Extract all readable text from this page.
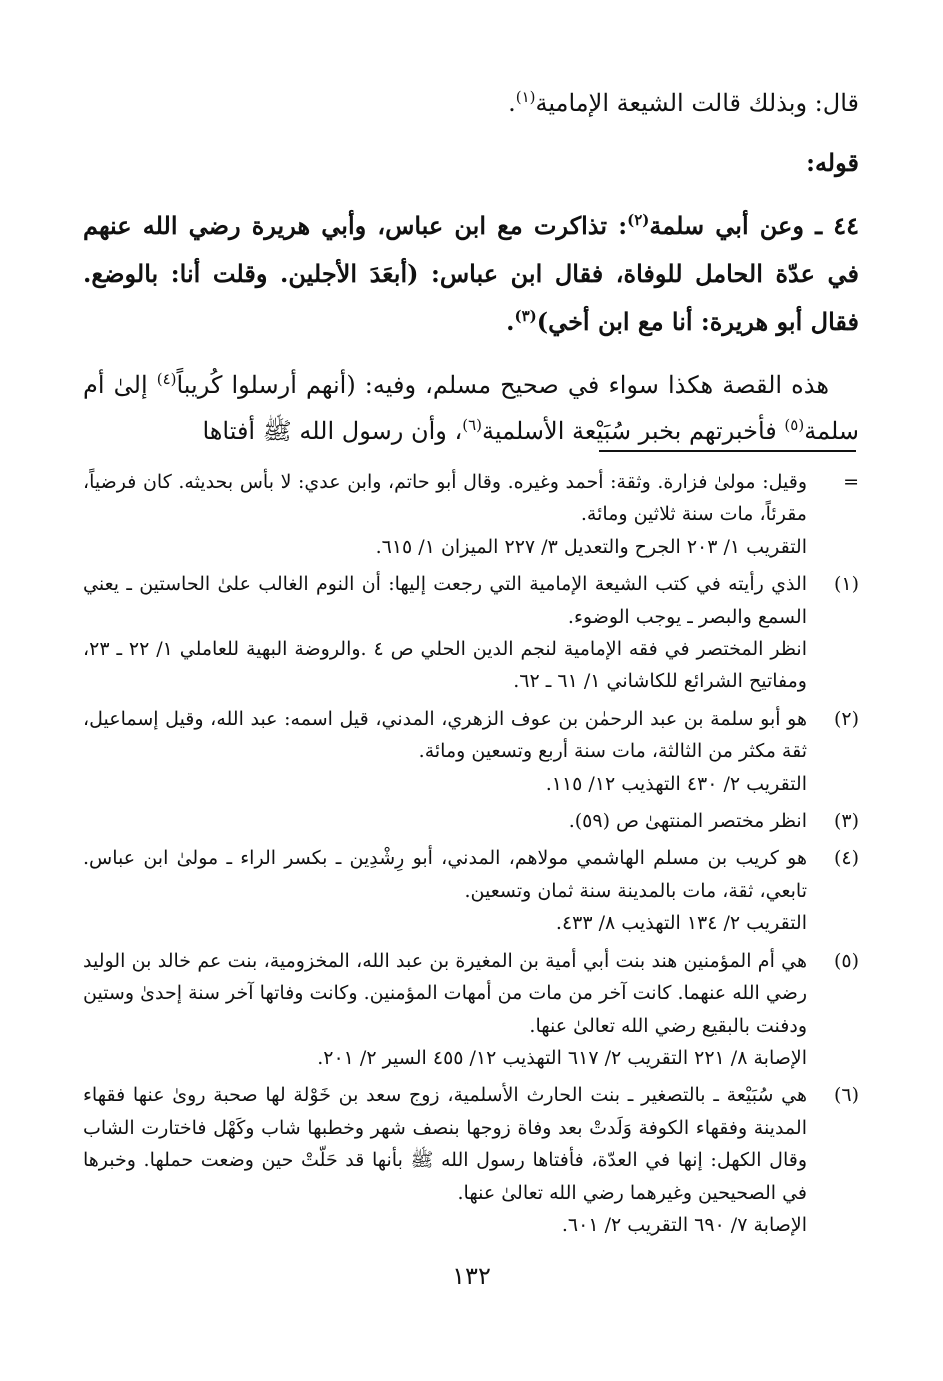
قال: وبذلك قالت الشيعة الإمامية$^{(١)}$.

قوله:

٤٤ ـ وعن أبي سلمة$^{(٢)}$: تذاكرت مع ابن عباس، وأبي هريرة رضي الله عنهم في عدّة الحامل للوفاة، فقال ابن عباس: (أبعَدَ الأجلين. وقلت أنا: بالوضع. فقال أبو هريرة: أنا مع ابن أخي)$^{(٣)}$.

هذه القصة هكذا سواء في صحيح مسلم، وفيه: (أنهم أرسلوا كُريباً$^{(٤)}$ إلىٰ أم سلمة$^{(٥)}$ فأخبرتهم بخبر سُبَيْعة الأسلمية$^{(٦)}$، وأن رسول الله ﷺ أفتاها

=
وقيل: مولىٰ فزارة. وثقة: أحمد وغيره. وقال أبو حاتم، وابن عدي: لا بأس بحديثه. كان فرضياً، مقرئاً، مات سنة ثلاثين ومائة.
التقريب ١/ ٢٠٣ الجرح والتعديل ٣/ ٢٢٧ الميزان ١/ ٦١٥.
(١)
الذي رأيته في كتب الشيعة الإمامية التي رجعت إليها: أن النوم الغالب علىٰ الحاستين ـ يعني السمع والبصر ـ يوجب الوضوء.
انظر المختصر في فقه الإمامية لنجم الدين الحلي ص ٤ .والروضة البهية للعاملي ١/ ٢٢ ـ ٢٣، ومفاتيح الشرائع للكاشاني ١/ ٦١ ـ ٦٢.
(٢)
هو أبو سلمة بن عبد الرحمٰن بن عوف الزهري، المدني، قيل اسمه: عبد الله، وقيل إسماعيل، ثقة مكثر من الثالثة، مات سنة أربع وتسعين ومائة.
التقريب ٢/ ٤٣٠ التهذيب ١٢/ ١١٥.
(٣)
انظر مختصر المنتهىٰ ص (٥٩).
(٤)
هو كريب بن مسلم الهاشمي مولاهم، المدني، أبو رِشْدِين ـ بكسر الراء ـ مولىٰ ابن عباس. تابعي، ثقة، مات بالمدينة سنة ثمان وتسعين.
التقريب ٢/ ١٣٤ التهذيب ٨/ ٤٣٣.
(٥)
هي أم المؤمنين هند بنت أبي أمية بن المغيرة بن عبد الله، المخزومية، بنت عم خالد بن الوليد رضي الله عنهما. كانت آخر من مات من أمهات المؤمنين. وكانت وفاتها آخر سنة إحدىٰ وستين ودفنت بالبقيع رضي الله تعالىٰ عنها.
الإصابة ٨/ ٢٢١ التقريب ٢/ ٦١٧ التهذيب ١٢/ ٤٥٥ السير ٢/ ٢٠١.
(٦)
هي سُبَيْعة ـ بالتصغير ـ بنت الحارث الأسلمية، زوج سعد بن خَوْلة لها صحبة روىٰ عنها فقهاء المدينة وفقهاء الكوفة وَلَدتْ بعد وفاة زوجها بنصف شهر وخطبها شاب وكَهْل فاختارت الشاب وقال الكهل: إنها في العدّة، فأفتاها رسول الله ﷺ بأنها قد حَلّتْ حين وضعت حملها. وخبرها في الصحيحين وغيرهما رضي الله تعالىٰ عنها.
الإصابة ٧/ ٦٩٠ التقريب ٢/ ٦٠١.
١٣٢
